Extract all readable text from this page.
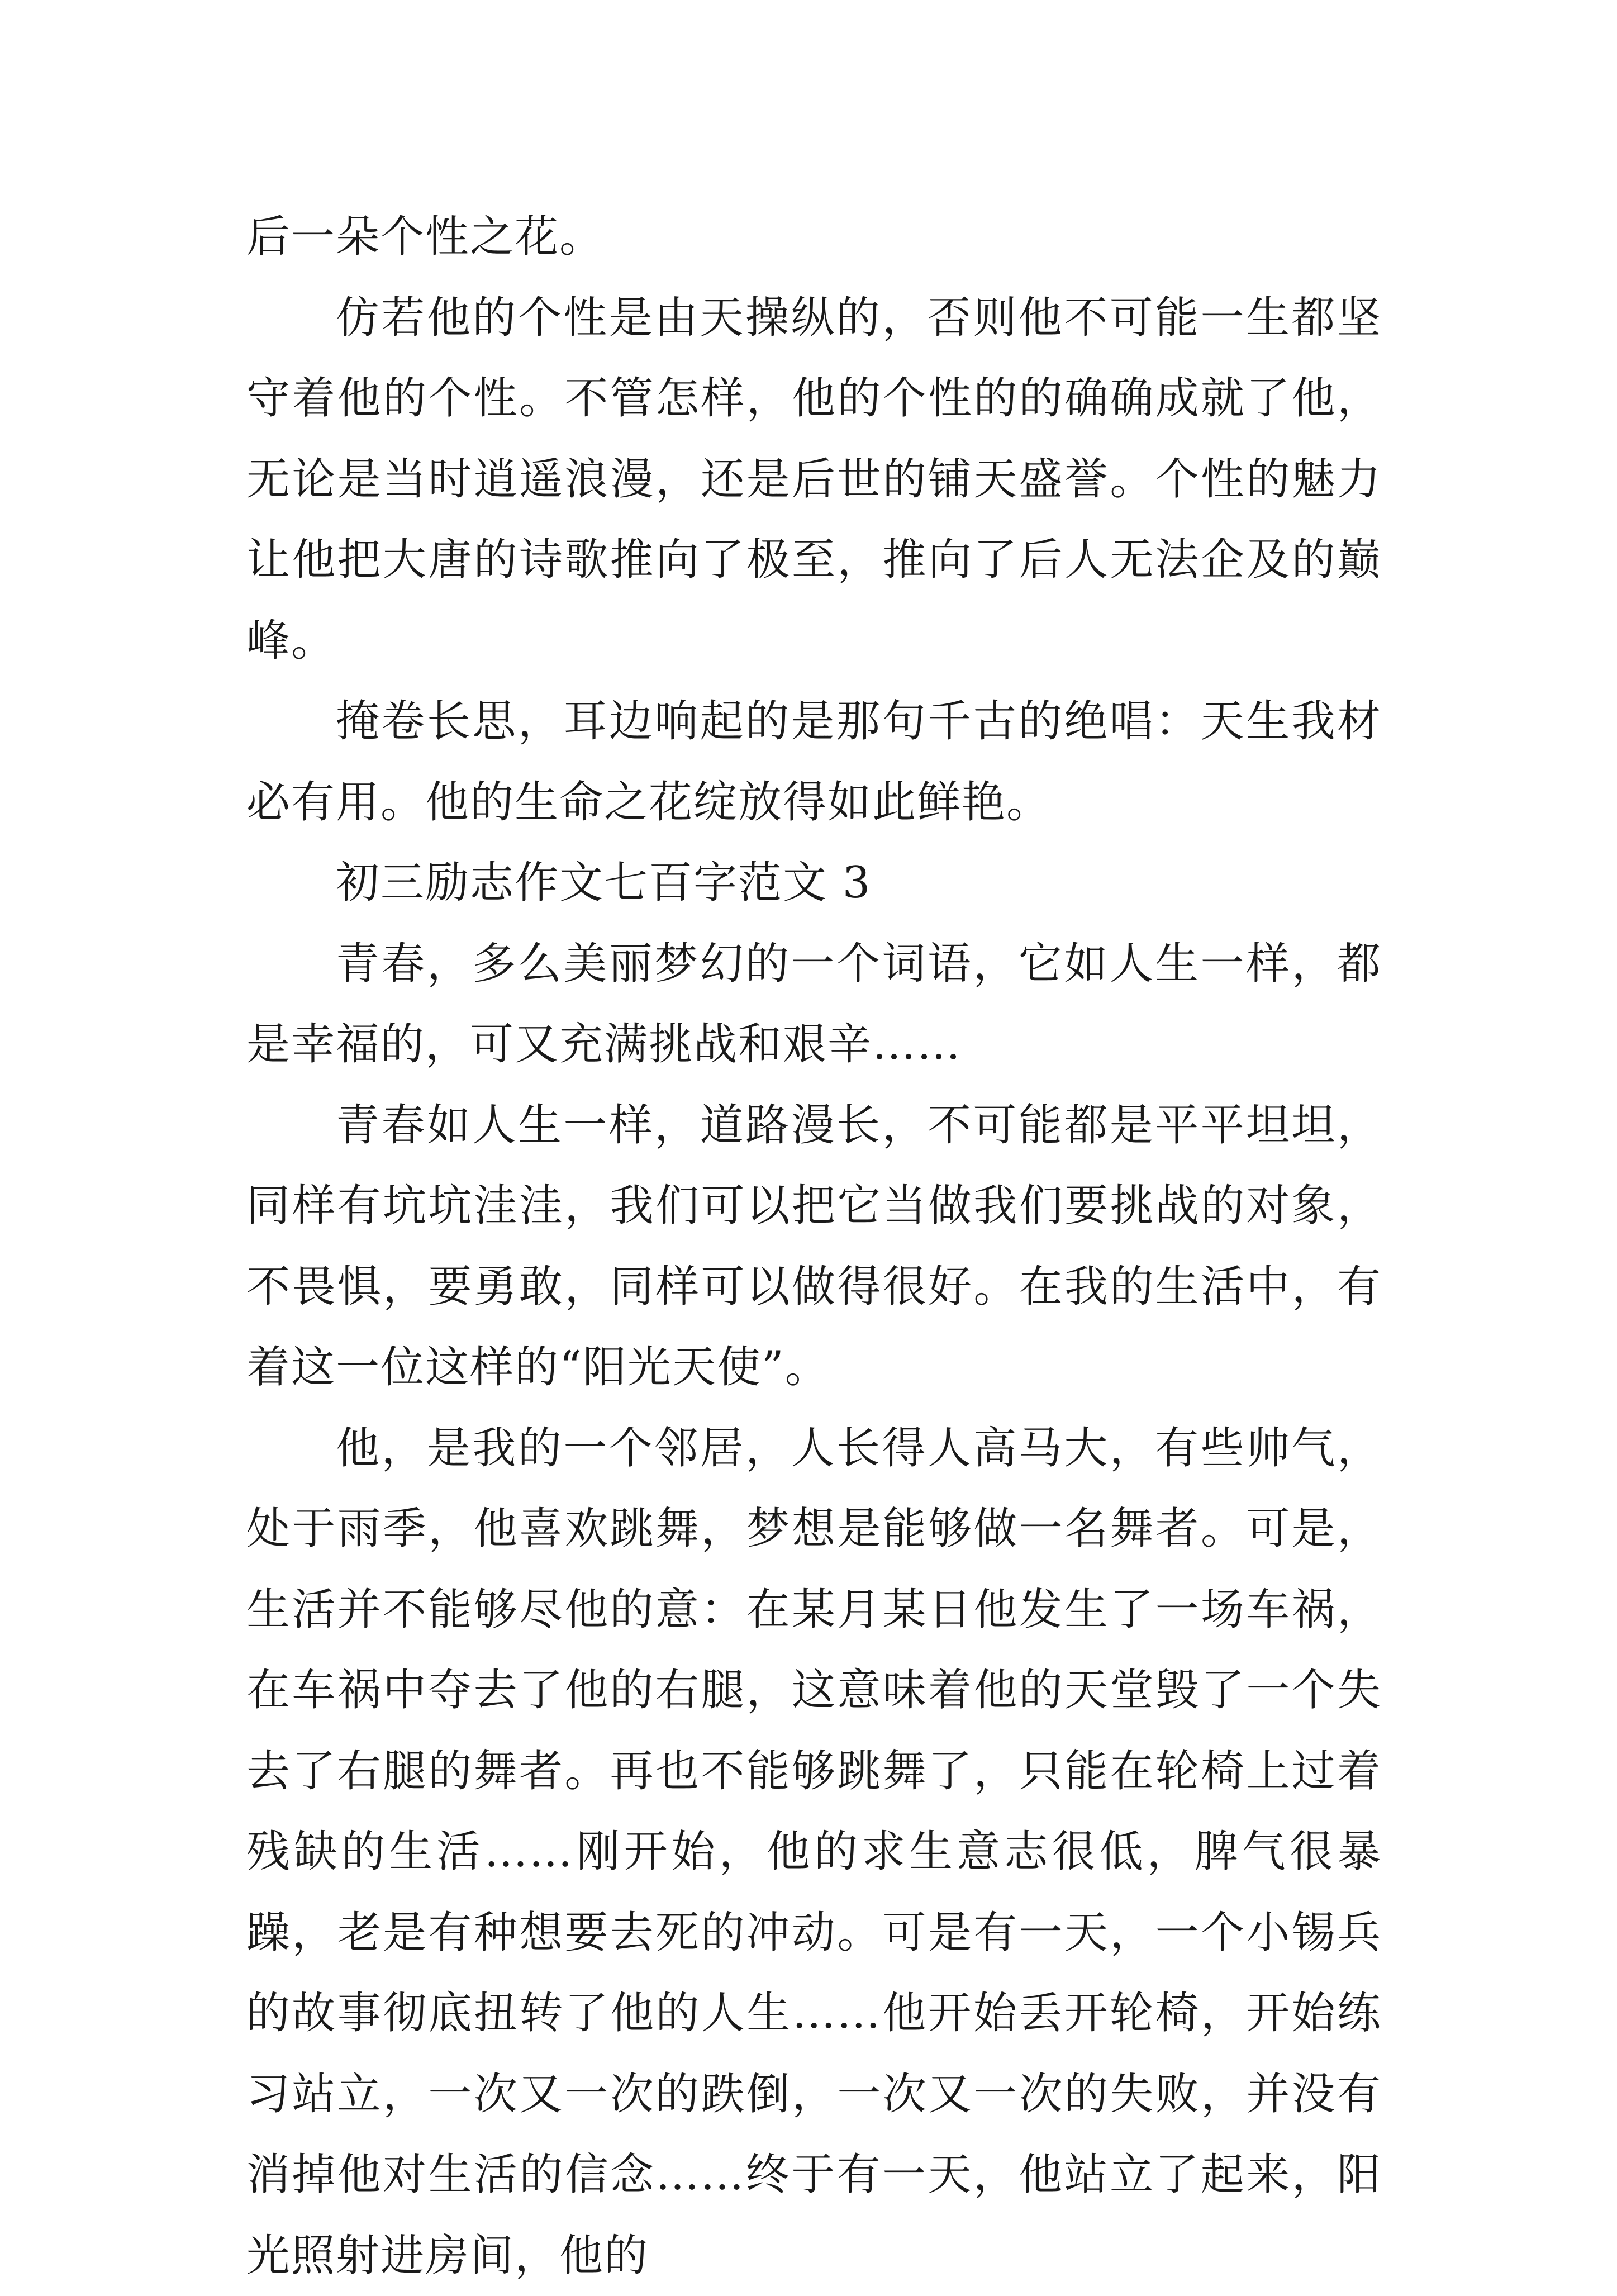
后一朵个性之花。

仿若他的个性是由天操纵的，否则他不可能一生都坚守着他的个性。不管怎样，他的个性的的确确成就了他，无论是当时逍遥浪漫，还是后世的铺天盛誉。个性的魅力让他把大唐的诗歌推向了极至，推向了后人无法企及的巅峰。

掩卷长思，耳边响起的是那句千古的绝唱：天生我材必有用。他的生命之花绽放得如此鲜艳。

初三励志作文七百字范文 3

青春，多么美丽梦幻的一个词语，它如人生一样，都是幸福的，可又充满挑战和艰辛……

青春如人生一样，道路漫长，不可能都是平平坦坦，同样有坑坑洼洼，我们可以把它当做我们要挑战的对象，不畏惧，要勇敢，同样可以做得很好。在我的生活中，有着这一位这样的“阳光天使”。

他，是我的一个邻居，人长得人高马大，有些帅气，处于雨季，他喜欢跳舞，梦想是能够做一名舞者。可是，生活并不能够尽他的意：在某月某日他发生了一场车祸，在车祸中夺去了他的右腿，这意味着他的天堂毁了一个失去了右腿的舞者。再也不能够跳舞了，只能在轮椅上过着残缺的生活……刚开始，他的求生意志很低，脾气很暴躁，老是有种想要去死的冲动。可是有一天，一个小锡兵的故事彻底扭转了他的人生……他开始丢开轮椅，开始练习站立，一次又一次的跌倒，一次又一次的失败，并没有消掉他对生活的信念……终于有一天，他站立了起来，阳光照射进房间，他的
